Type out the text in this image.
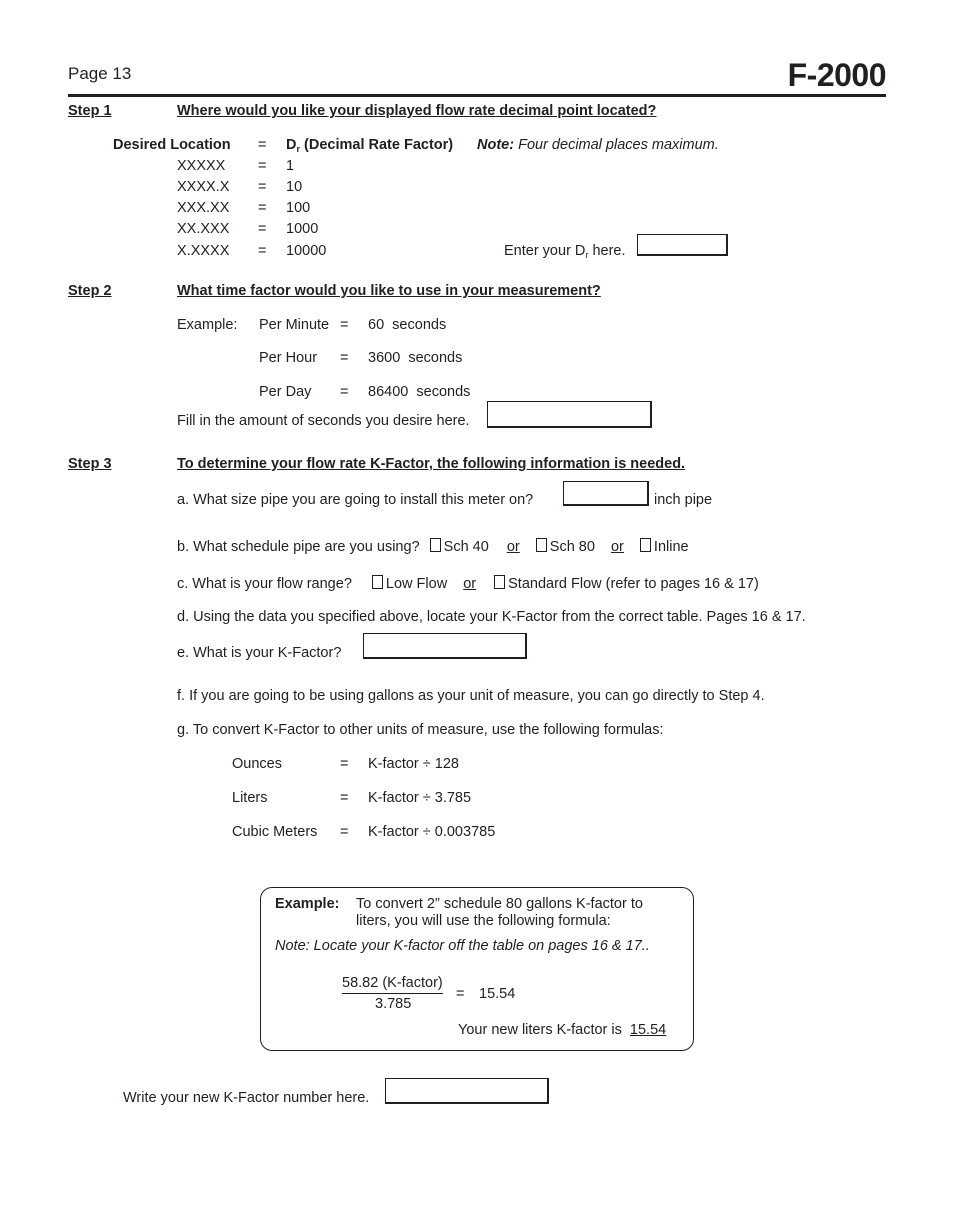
Page 13	F-2000
Step 1	Where would you like your displayed flow rate decimal point located?
Desired Location = $D_r$ (Decimal Rate Factor) Note: Four decimal places maximum.
XXXXX = 1
XXXX.X = 10
XXX.XX = 100
XX.XXX = 1000
X.XXXX = 10000	Enter your $D_r$ here.
Step 2	What time factor would you like to use in your measurement?
Example: Per Minute = 60  seconds
Per Hour = 3600  seconds
Per Day = 86400  seconds
Fill in the amount of seconds you desire here.
Step 3	To determine your flow rate K-Factor, the following information is needed.
a. What size pipe you are going to install this meter on?	inch pipe
b. What schedule pipe are you using? Sch 40 or Sch 80 or Inline
c. What is your flow range? Low Flow or Standard Flow (refer to pages 16 & 17)
d. Using the data you specified above, locate your K-Factor from the correct table. Pages 16 & 17.
e. What is your K-Factor?
f. If you are going to be using gallons as your unit of measure, you can go directly to Step 4.
g. To convert K-Factor to other units of measure, use the following formulas:
Ounces	= K-factor ÷ 128
Liters	= K-factor ÷ 3.785
Cubic Meters = K-factor ÷ 0.003785
Example: To convert 2” schedule 80 gallons K-factor to
liters, you will use the following formula:
Note: Locate your K-factor off the table on pages 16 & 17..
58.82 (K-factor)
3.785
= 15.54
Your new liters K-factor is 15.54
Write your new K-Factor number here.
